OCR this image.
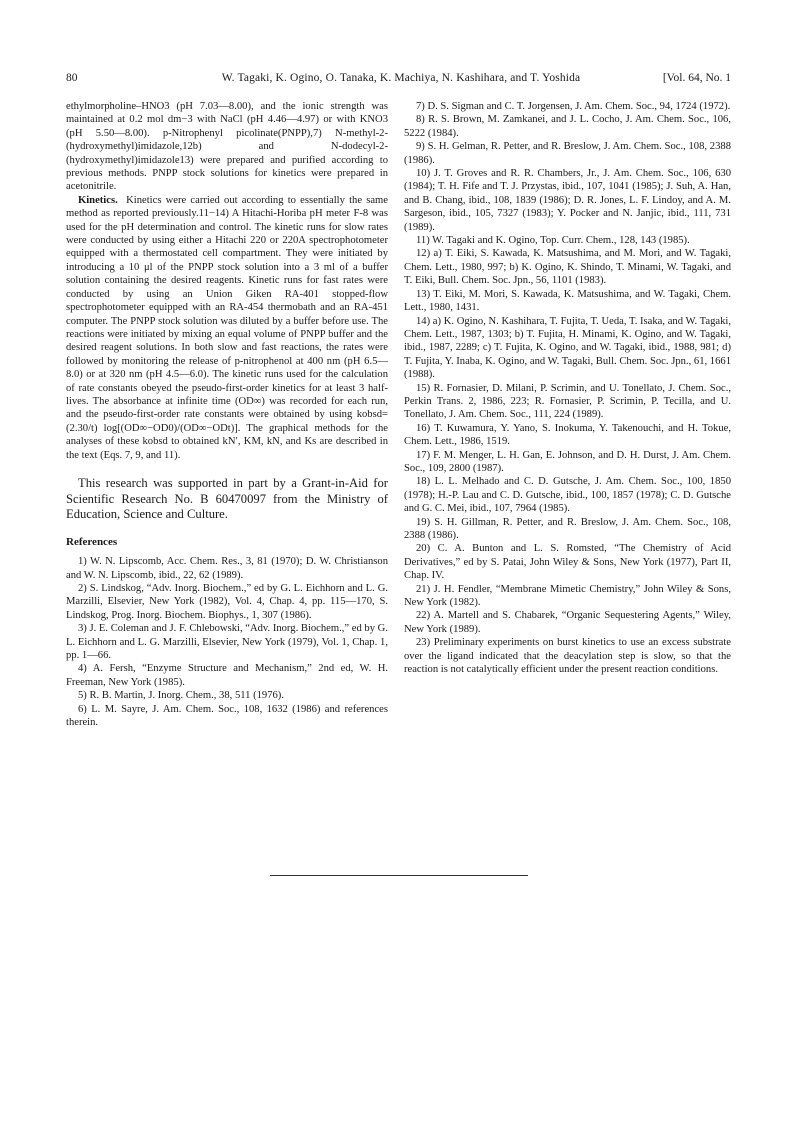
80	W. Tagaki, K. Ogino, O. Tanaka, K. Machiya, N. Kashihara, and T. Yoshida	[Vol. 64, No. 1

ethylmorpholine–HNO3 (pH 7.03—8.00), and the ionic strength was maintained at 0.2 mol dm−3 with NaCl (pH 4.46—4.97) or with KNO3 (pH 5.50—8.00). p-Nitrophenyl picolinate(PNPP),7) N-methyl-2-(hydroxymethyl)imidazole,12b) and N-dodecyl-2-(hydroxymethyl)imidazole13) were prepared and purified according to previous methods. PNPP stock solutions for kinetics were prepared in acetonitrile.

Kinetics. Kinetics were carried out according to essentially the same method as reported previously.11−14) A Hitachi-Horiba pH meter F-8 was used for the pH determination and control. The kinetic runs for slow rates were conducted by using either a Hitachi 220 or 220A spectrophotometer equipped with a thermostated cell compartment. They were initiated by introducing a 10 μl of the PNPP stock solution into a 3 ml of a buffer solution containing the desired reagents. Kinetic runs for fast rates were conducted by using an Union Giken RA-401 stopped-flow spectrophotometer equipped with an RA-454 thermobath and an RA-451 computer. The PNPP stock solution was diluted by a buffer before use. The reactions were initiated by mixing an equal volume of PNPP buffer and the desired reagent solutions. In both slow and fast reactions, the rates were followed by monitoring the release of p-nitrophenol at 400 nm (pH 6.5—8.0) or at 320 nm (pH 4.5—6.0). The kinetic runs used for the calculation of rate constants obeyed the pseudo-first-order kinetics for at least 3 half-lives. The absorbance at infinite time (OD∞) was recorded for each run, and the pseudo-first-order rate constants were obtained by using kobsd=(2.30/t) log[(OD∞−OD0)/(OD∞−ODt)]. The graphical methods for the analyses of these kobsd to obtained kN′, KM, kN, and Ks are described in the text (Eqs. 7, 9, and 11).

This research was supported in part by a Grant-in-Aid for Scientific Research No. B 60470097 from the Ministry of Education, Science and Culture.

References

1) W. N. Lipscomb, Acc. Chem. Res., 3, 81 (1970); D. W. Christianson and W. N. Lipscomb, ibid., 22, 62 (1989).

2) S. Lindskog, “Adv. Inorg. Biochem.,” ed by G. L. Eichhorn and L. G. Marzilli, Elsevier, New York (1982), Vol. 4, Chap. 4, pp. 115—170, S. Lindskog, Prog. Inorg. Biochem. Biophys., 1, 307 (1986).

3) J. E. Coleman and J. F. Chlebowski, “Adv. Inorg. Biochem.,” ed by G. L. Eichhorn and L. G. Marzilli, Elsevier, New York (1979), Vol. 1, Chap. 1, pp. 1—66.

4) A. Fersh, “Enzyme Structure and Mechanism,” 2nd ed, W. H. Freeman, New York (1985).

5) R. B. Martin, J. Inorg. Chem., 38, 511 (1976).

6) L. M. Sayre, J. Am. Chem. Soc., 108, 1632 (1986) and references therein.

7) D. S. Sigman and C. T. Jorgensen, J. Am. Chem. Soc., 94, 1724 (1972).

8) R. S. Brown, M. Zamkanei, and J. L. Cocho, J. Am. Chem. Soc., 106, 5222 (1984).

9) S. H. Gelman, R. Petter, and R. Breslow, J. Am. Chem. Soc., 108, 2388 (1986).

10) J. T. Groves and R. R. Chambers, Jr., J. Am. Chem. Soc., 106, 630 (1984); T. H. Fife and T. J. Przystas, ibid., 107, 1041 (1985); J. Suh, A. Han, and B. Chang, ibid., 108, 1839 (1986); D. R. Jones, L. F. Lindoy, and A. M. Sargeson, ibid., 105, 7327 (1983); Y. Pocker and N. Janjic, ibid., 111, 731 (1989).

11) W. Tagaki and K. Ogino, Top. Curr. Chem., 128, 143 (1985).

12) a) T. Eiki, S. Kawada, K. Matsushima, and M. Mori, and W. Tagaki, Chem. Lett., 1980, 997; b) K. Ogino, K. Shindo, T. Minami, W. Tagaki, and T. Eiki, Bull. Chem. Soc. Jpn., 56, 1101 (1983).

13) T. Eiki, M. Mori, S. Kawada, K. Matsushima, and W. Tagaki, Chem. Lett., 1980, 1431.

14) a) K. Ogino, N. Kashihara, T. Fujita, T. Ueda, T. Isaka, and W. Tagaki, Chem. Lett., 1987, 1303; b) T. Fujita, H. Minami, K. Ogino, and W. Tagaki, ibid., 1987, 2289; c) T. Fujita, K. Ogino, and W. Tagaki, ibid., 1988, 981; d) T. Fujita, Y. Inaba, K. Ogino, and W. Tagaki, Bull. Chem. Soc. Jpn., 61, 1661 (1988).

15) R. Fornasier, D. Milani, P. Scrimin, and U. Tonellato, J. Chem. Soc., Perkin Trans. 2, 1986, 223; R. Fornasier, P. Scrimin, P. Tecilla, and U. Tonellato, J. Am. Chem. Soc., 111, 224 (1989).

16) T. Kuwamura, Y. Yano, S. Inokuma, Y. Takenouchi, and H. Tokue, Chem. Lett., 1986, 1519.

17) F. M. Menger, L. H. Gan, E. Johnson, and D. H. Durst, J. Am. Chem. Soc., 109, 2800 (1987).

18) L. L. Melhado and C. D. Gutsche, J. Am. Chem. Soc., 100, 1850 (1978); H.-P. Lau and C. D. Gutsche, ibid., 100, 1857 (1978); C. D. Gutsche and G. C. Mei, ibid., 107, 7964 (1985).

19) S. H. Gillman, R. Petter, and R. Breslow, J. Am. Chem. Soc., 108, 2388 (1986).

20) C. A. Bunton and L. S. Romsted, “The Chemistry of Acid Derivatives,” ed by S. Patai, John Wiley & Sons, New York (1977), Part II, Chap. IV.

21) J. H. Fendler, “Membrane Mimetic Chemistry,” John Wiley & Sons, New York (1982).

22) A. Martell and S. Chabarek, “Organic Sequestering Agents,” Wiley, New York (1989).

23) Preliminary experiments on burst kinetics to use an excess substrate over the ligand indicated that the deacylation step is slow, so that the reaction is not catalytically efficient under the present reaction conditions.
